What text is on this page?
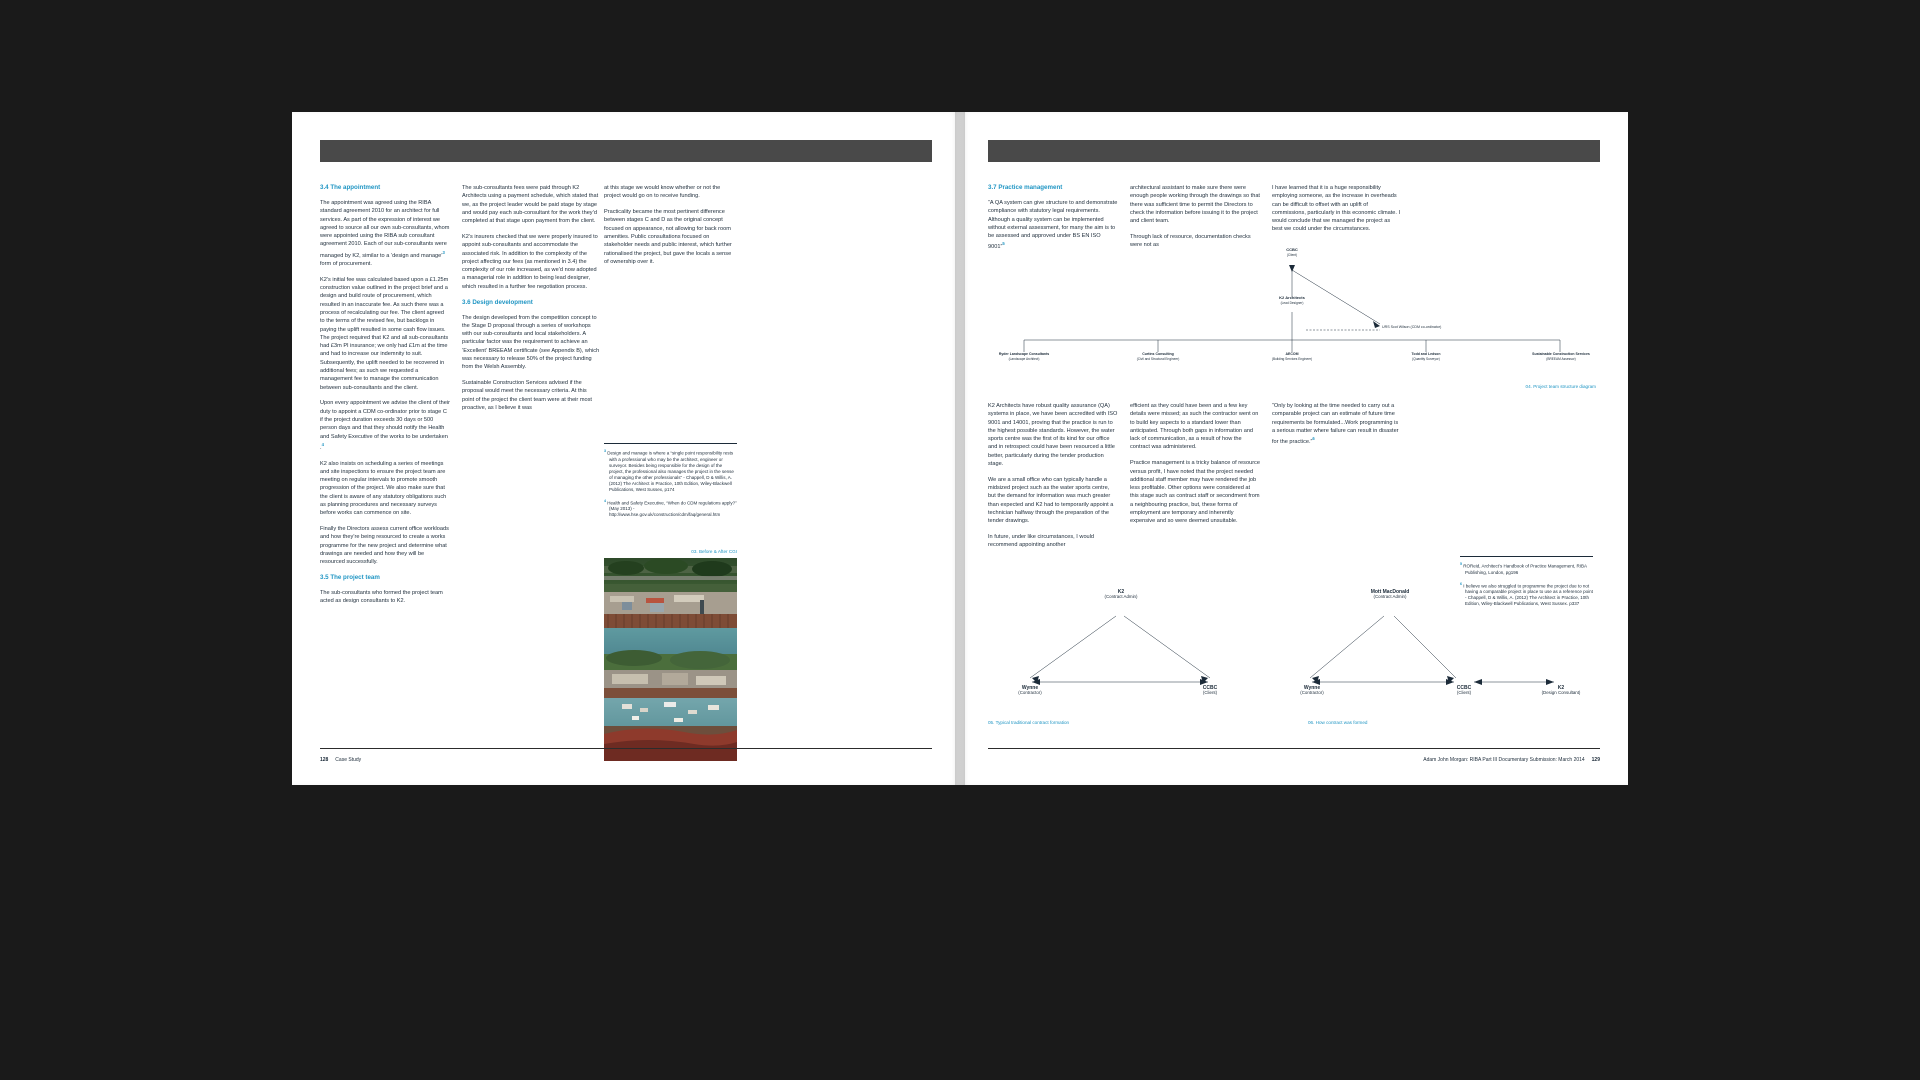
3.4 The appointment

The appointment was agreed using the RIBA standard agreement 2010 for an architect for full services. As part of the expression of interest we agreed to source all our own sub-consultants, whom were appointed using the RIBA sub consultant agreement 2010. Each of our sub-consultants were managed by K2, similar to a ‘design and manage’$^3$
form of procurement.

K2’s initial fee was calculated based upon a £1.25m construction value outlined in the project brief and a design and build route of procurement, which resulted in an inaccurate fee. As such there was a process of recalculating our fee. The client agreed to the terms of the revised fee, but backlogs in paying the uplift resulted in some cash flow issues. The project required that K2 and all sub-consultants had £3m PI insurance; we only had £1m at the time and had to increase our indemnity to suit. Subsequently, the uplift needed to be recovered in additional fees; as such we requested a management fee to manage the communication between sub-consultants and the client.

Upon every appointment we advise the client of their duty to appoint a CDM co-ordinator prior to stage C if the project duration exceeds 30 days or 500 person days and that they should notify the Health and Safety Executive of the works to be undertaken .$^4$

K2 also insists on scheduling a series of meetings and site inspections to ensure the project team are meeting on regular intervals to promote smooth progression of the project. We also make sure that the client is aware of any statutory obligations such as planning procedures and necessary surveys before works can commence on site.

Finally the Directors assess current office workloads and how they’re being resourced to create a works programme for the new project and determine what drawings are needed and how they will be resourced successfully.

3.5 The project team

The sub-consultants who formed the project team acted as design consultants to K2.

The sub-consultants fees were paid through K2 Architects using a payment schedule, which stated that we, as the project leader would be paid stage by stage and would pay each sub-consultant for the work they’d completed at that stage upon payment from the client.

K2’s insurers checked that we were properly insured to appoint sub-consultants and accommodate the associated risk. In addition to the complexity of the project affecting our fees (as mentioned in 3.4) the complexity of our role increased, as we’d now adopted a managerial role in addition to being lead designer, which resulted in a further fee negotiation process.

3.6 Design development

The design developed from the competition concept to the Stage D proposal through a series of workshops with our sub-consultants and local stakeholders. A particular factor was the requirement to achieve an ‘Excellent’ BREEAM certificate (see Appendix B), which was necessary to release 50% of the project funding from the Welsh Assembly.

Sustainable Construction Services advised if the proposal would meet the necessary criteria. At this point of the project the client team were at their most proactive, as I believe it was

at this stage we would know whether or not the project would go on to receive funding.

Practicality became the most pertinent difference between stages C and D as the original concept focused on appearance, not allowing for back room amenities. Public consultations focused on stakeholder needs and public interest, which further rationalised the project, but gave the locals a sense of ownership over it.

$^3$ Design and manage is where a “single point responsibility rests with a professional who may be the architect, engineer or surveyor. Besides being responsible for the design of the project, the professional also manages the project in the sense of managing the other professionals” - Chappell, D & Willis, A. (2012) The Architect in Practice, 10th Edition, Wiley-Blackwell Publications, West Sussex, p174

$^4$ Health and Safety Executive, “When do CDM regulations apply?” (May 2013) - http://www.hse.gov.uk/construction/cdm/faq/general.htm

03. Before & After CGI
128 Case Study
3.7 Practice management

“A QA system can give structure to and demonstrate compliance with statutory legal requirements. Although a quality system can be implemented without external assessment, for many the aim is to be assessed and approved under BS EN ISO 9001”$^5$

architectural assistant to make sure there were enough people working through the drawings so that there was sufficient time to permit the Directors to check the information before issuing it to the project and client team.

Through lack of resource, documentation checks were not as

I have learned that it is a huge responsibility employing someone, as the increase in overheads can be difficult to offset with an uplift of commissions, particularly in this economic climate. I would conclude that we managed the project as best we could under the circumstances.

CCBC
(Client)
K2 Architects
(Lead Designer)
URS Scot Wilson (CDM co-ordinator)
Ryder Landscape Consultants
(Landscape Architect)
Curtins Consulting
(Civil and Structural Engineer)
AECOM
(Building Services Engineer)
Todd and Ledson
(Quantity Surveyor)
Sustainable Construction Services
(BREEAM Assessor)
04. Project team structure diagram

K2 Architects have robust quality assurance (QA) systems in place, we have been accredited with ISO 9001 and 14001, proving that the practice is run to the highest possible standards. However, the water sports centre was the first of its kind for our office and in retrospect could have been resourced a little better, particularly during the tender production stage.

We are a small office who can typically handle a midsized project such as the water sports centre, but the demand for information was much greater than expected and K2 had to temporarily appoint a technician halfway through the preparation of the tender drawings.

In future, under like circumstances, I would recommend appointing another

efficient as they could have been and a few key details were missed; as such the contractor went on to build key aspects to a standard lower than anticipated. Through both gaps in information and lack of communication, as a result of how the contract was administered.

Practice management is a tricky balance of resource versus profit, I have noted that the project needed additional staff member may have rendered the job less profitable. Other options were considered at this stage such as contract staff or secondment from a neighbouring practice, but, these forms of employment are temporary and inherently expensive and so were deemed unsuitable.

“Only by looking at the time needed to carry out a comparable project can an estimate of future time requirements be formulated...Work programming is a serious matter where failure can result in disaster for the practice.”$^6$

$^5$ ROReid, Architect’s Handbook of Practice Management, RIBA Publishing, London, pg196

$^6$ I believe we also struggled to programme the project due to not having a comparable project in place to use as a reference point - Chappell, D & Willis, A. (2012) The Architect in Practice, 10th Edition, Wiley-Blackwell Publications, West Sussex. p337

K2
(Contract Admin)
Wynne
(Contractor)
CCBC
(Client)
Mott MacDonald
(Contract Admin)
Wynne
(Contractor)
CCBC
(Client)
K2
(Design Consultant)
05. Typical traditional contract formation	06. How contract was formed
Adam John Morgan: RIBA Part III Documentary Submission: March 2014 129
